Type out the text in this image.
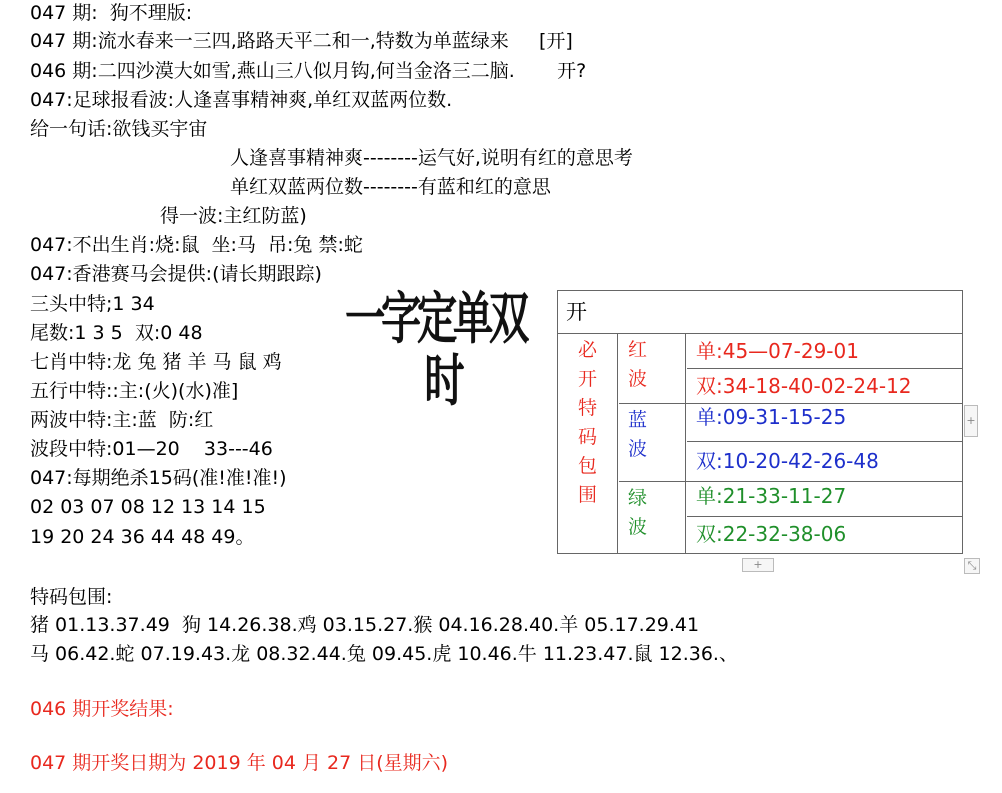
047 期:  狗不理版:
047 期:流水春来一三四,路路天平二和一,特数为单蓝绿来     [开]
046 期:二四沙漠大如雪,燕山三八似月钩,何当金洛三二脑.       开?
047:足球报看波:人逢喜事精神爽,单红双蓝两位数.
给一句话:欲钱买宇宙
人逢喜事精神爽--------运气好,说明有红的意思考
单红双蓝两位数--------有蓝和红的意思
得一波:主红防蓝)
047:不出生肖:烧:鼠  坐:马  吊:兔 禁:蛇
047:香港赛马会提供:(请长期跟踪)
三头中特;1 34
尾数:1 3 5  双:0 48
七肖中特:龙 兔 猪 羊 马 鼠 鸡
五行中特::主:(火)(水)准]
两波中特:主:蓝  防:红
波段中特:01—20    33---46
047:每期绝杀15码(准!准!准!)
02 03 07 08 12 13 14 15
19 20 24 36 44 48 49。
特码包围:
猪 01.13.37.49  狗 14.26.38.鸡 03.15.27.猴 04.16.28.40.羊 05.17.29.41
马 06.42.蛇 07.19.43.龙 08.32.44.兔 09.45.虎 10.46.牛 11.23.47.鼠 12.36.、
046 期开奖结果:
047 期开奖日期为 2019 年 04 月 27 日(星期六)
一字定单双
时
开
必
开
特
码
包
围
红
波
单:45—07-29-01
双:34-18-40-02-24-12
蓝
波
单:09-31-15-25
双:10-20-42-26-48
绿
波
单:21-33-11-27
双:22-32-38-06
+
+	⤡
